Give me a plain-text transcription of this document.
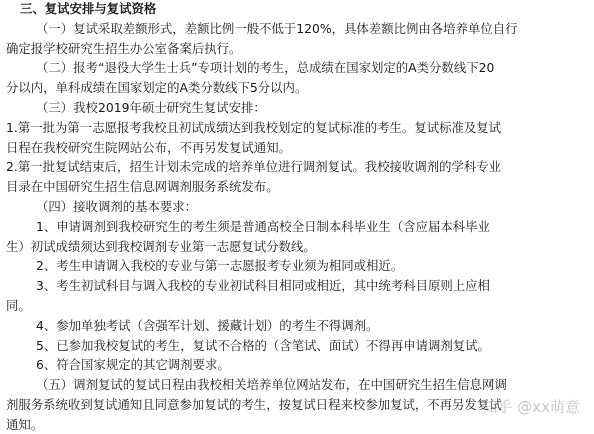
三、复试安排与复试资格
（一）复试采取差额形式，差额比例一般不低于120%，具体差额比例由各培养单位自行
确定报学校研究生招生办公室备案后执行。
（二）报考“退役大学生士兵”专项计划的考生，总成绩在国家划定的A类分数线下20
分以内，单科成绩在国家划定的A类分数线下5分以内。
（三）我校2019年硕士研究生复试安排：
1.第一批为第一志愿报考我校且初试成绩达到我校划定的复试标准的考生。复试标准及复试
日程在我校研究生院网站公布，不再另发复试通知。
2.第一批复试结束后，招生计划未完成的培养单位进行调剂复试。我校接收调剂的学科专业
目录在中国研究生招生信息网调剂服务系统发布。
（四）接收调剂的基本要求：
1、申请调剂到我校研究生的考生须是普通高校全日制本科毕业生（含应届本科毕业
生）初试成绩须达到我校调剂专业第一志愿复试分数线。
2、考生申请调入我校的专业与第一志愿报考专业须为相同或相近。
3、考生初试科目与调入我校的专业初试科目相同或相近，其中统考科目原则上应相
同。
4、参加单独考试（含强军计划、援藏计划）的考生不得调剂。
5、已参加我校复试的考生，复试不合格的（含笔试、面试）不得再申请调剂复试。
6、符合国家规定的其它调剂要求。
（五）调剂复试的复试日程由我校相关培养单位网站发布，在中国研究生招生信息网调
剂服务系统收到复试通知且同意参加复试的考生，按复试日程来校参加复试，不再另发复试
通知。
知乎 @xx萌意
